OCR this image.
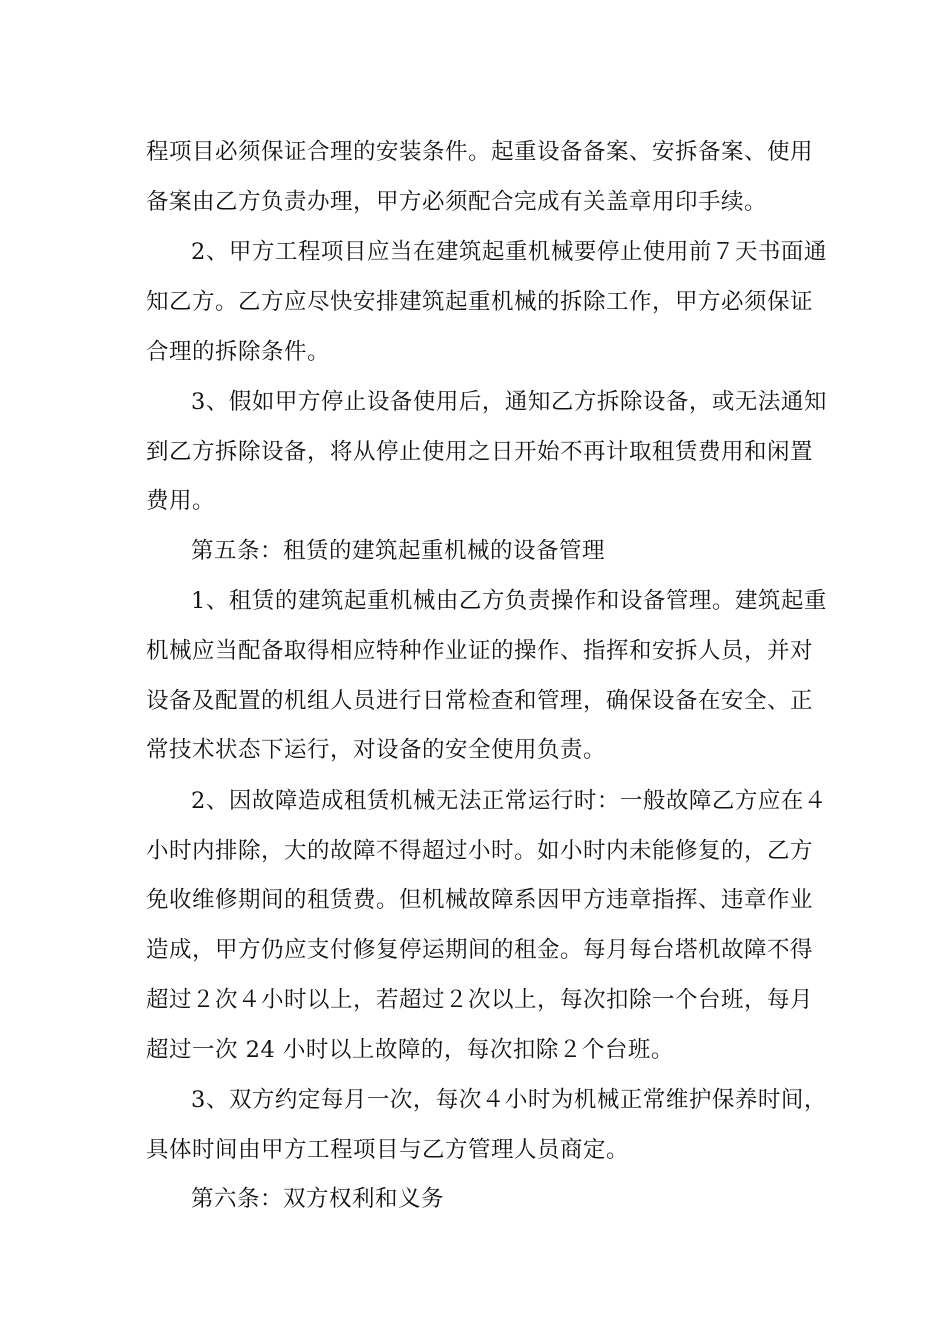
程项目必须保证合理的安装条件。起重设备备案、安拆备案、使用
备案由乙方负责办理，甲方必须配合完成有关盖章用印手续。
2、甲方工程项目应当在建筑起重机械要停止使用前７天书面通
知乙方。乙方应尽快安排建筑起重机械的拆除工作，甲方必须保证
合理的拆除条件。
3、假如甲方停止设备使用后，通知乙方拆除设备，或无法通知
到乙方拆除设备，将从停止使用之日开始不再计取租赁费用和闲置
费用。
第五条：租赁的建筑起重机械的设备管理
1、租赁的建筑起重机械由乙方负责操作和设备管理。建筑起重
机械应当配备取得相应特种作业证的操作、指挥和安拆人员，并对
设备及配置的机组人员进行日常检查和管理，确保设备在安全、正
常技术状态下运行，对设备的安全使用负责。
2、因故障造成租赁机械无法正常运行时：一般故障乙方应在４
小时内排除，大的故障不得超过小时。如小时内未能修复的，乙方
免收维修期间的租赁费。但机械故障系因甲方违章指挥、违章作业
造成，甲方仍应支付修复停运期间的租金。每月每台塔机故障不得
超过２次４小时以上，若超过２次以上，每次扣除一个台班，每月
超过一次 24 小时以上故障的，每次扣除２个台班。
3、双方约定每月一次，每次４小时为机械正常维护保养时间，
具体时间由甲方工程项目与乙方管理人员商定。
第六条：双方权利和义务
